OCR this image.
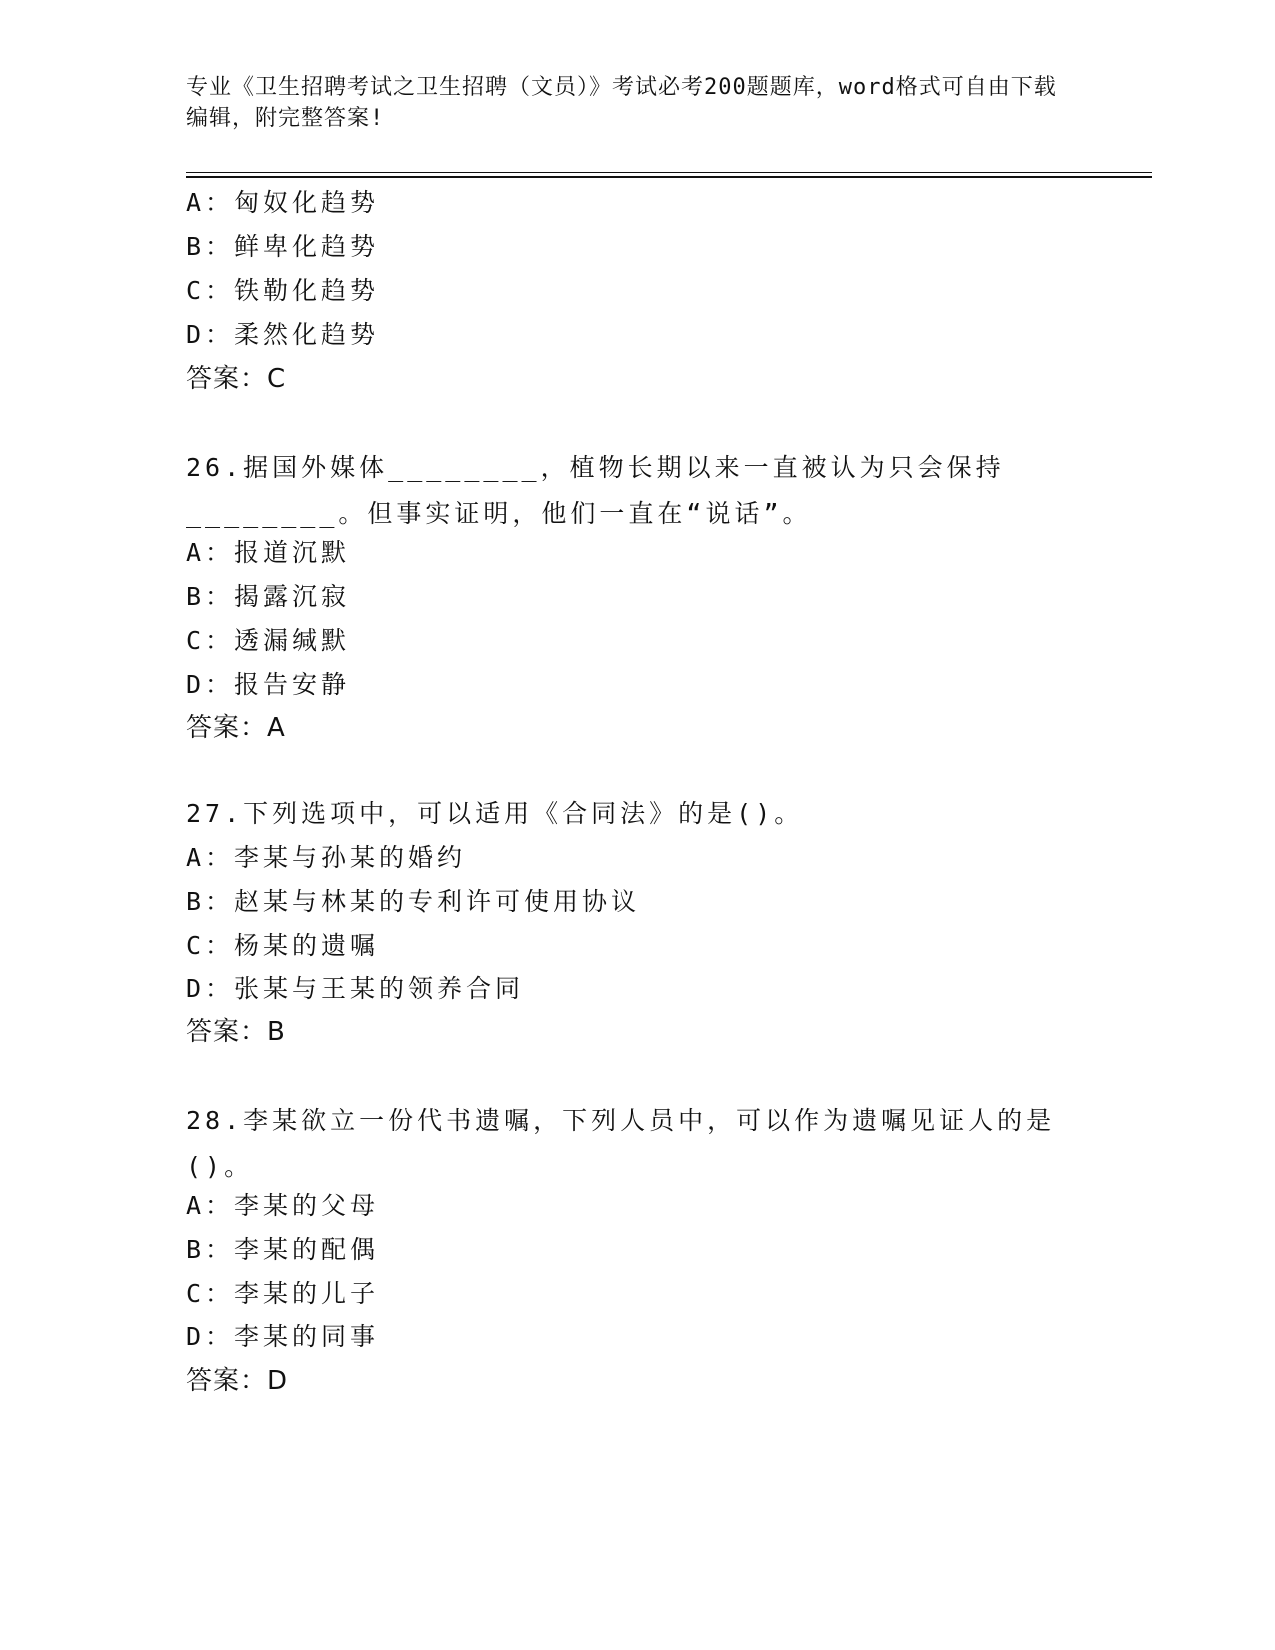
专业《卫生招聘考试之卫生招聘（文员）》考试必考200题题库，word格式可自由下载编辑，附完整答案!
A：匈奴化趋势
B：鲜卑化趋势
C：铁勒化趋势
D：柔然化趋势
答案：C
26.据国外媒体________，植物长期以来一直被认为只会保持________。但事实证明，他们一直在“说话”。
A：报道沉默
B：揭露沉寂
C：透漏缄默
D：报告安静
答案：A
27.下列选项中，可以适用《合同法》的是()。
A：李某与孙某的婚约
B：赵某与林某的专利许可使用协议
C：杨某的遗嘱
D：张某与王某的领养合同
答案：B
28.李某欲立一份代书遗嘱，下列人员中，可以作为遗嘱见证人的是()。
A：李某的父母
B：李某的配偶
C：李某的儿子
D：李某的同事
答案：D
